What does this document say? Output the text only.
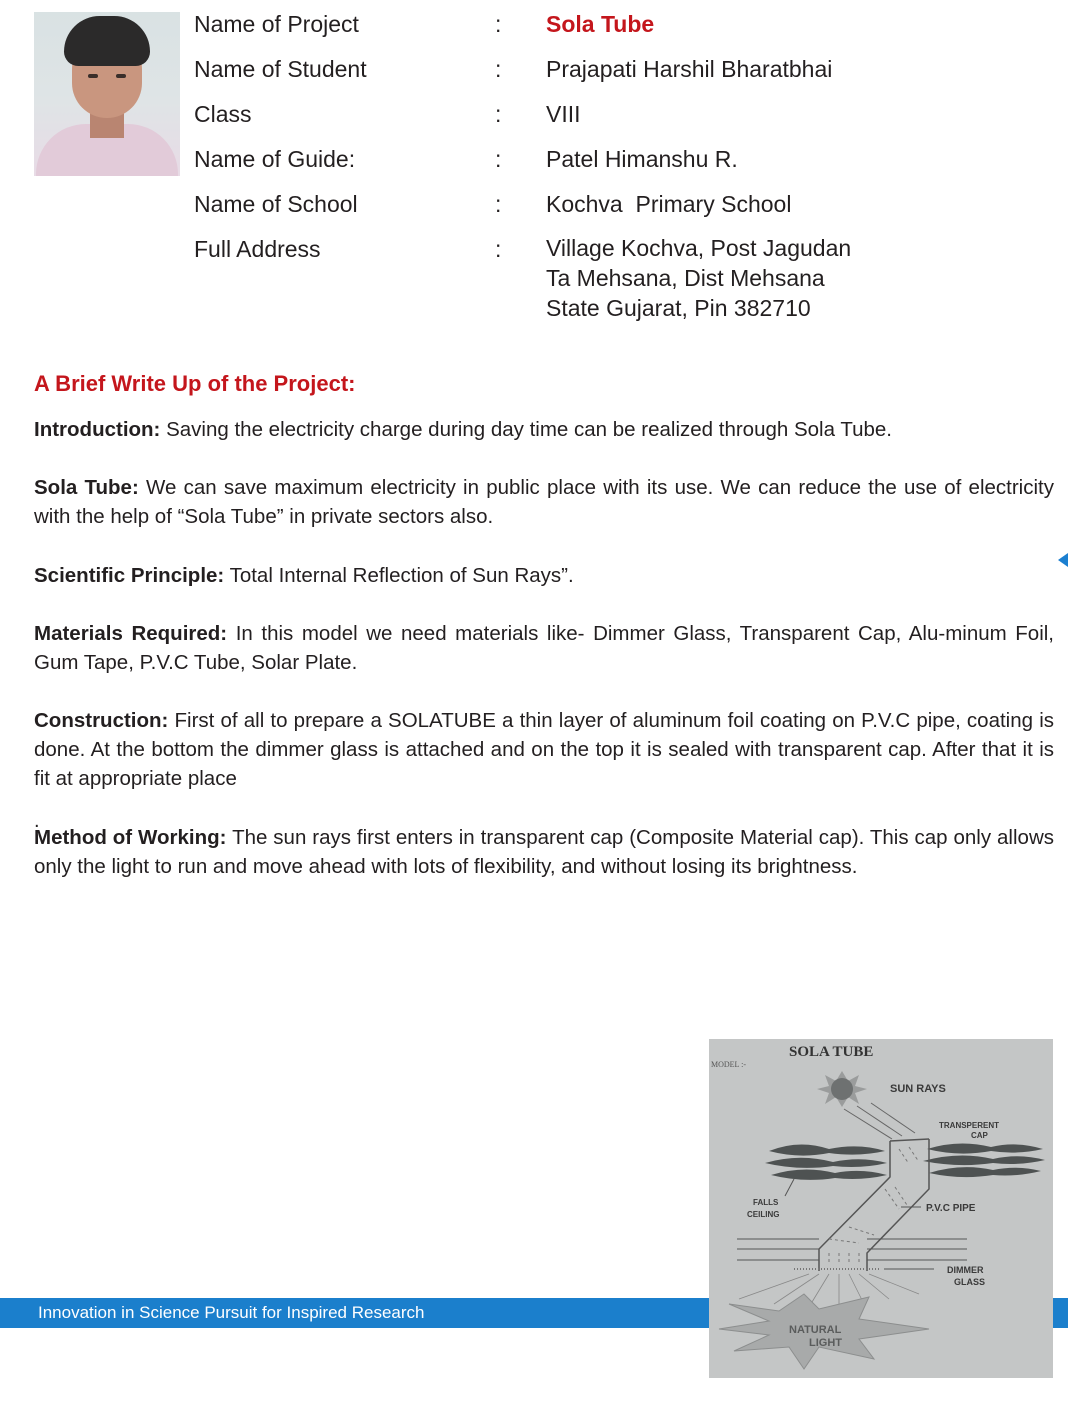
Name of Project	: Sola Tube
Name of Student	: Prajapati Harshil Bharatbhai
Class	: VIII
Name of Guide:	: Patel Himanshu R.
Name of School	: Kochva  Primary School
Full Address	: Village Kochva, Post Jagudan
Ta Mehsana, Dist Mehsana
State Gujarat, Pin 382710
A Brief Write Up of the Project:

Introduction: Saving the electricity charge during day time can be realized through Sola Tube.

Sola Tube: We can save maximum electricity in public place with its use. We can reduce the use of electricity with the help of “Sola Tube” in private sectors also.

Scientific Principle: Total Internal Reflection of Sun Rays”.

Materials Required: In this model we need materials like- Dimmer Glass, Transparent Cap, Alu-minum Foil, Gum Tape, P.V.C Tube, Solar Plate.

Construction: First of all to prepare a SOLATUBE a thin layer of aluminum foil coating on P.V.C pipe, coating is done. At the bottom the dimmer glass is attached and on the top it is sealed with transparent cap. After that it is fit at appropriate place

.

Method of Working: The sun rays first enters in transparent cap (Composite Material cap). This cap only allows only the light to run and move ahead with lots of flexibility, and without losing its brightness.

Innovation in Science Pursuit for Inspired Research
SOLA TUBE
MODEL :-
SUN RAYS
TRANSPERENT
CAP
FALLS
CEILING
P.V.C PIPE
DIMMER
GLASS
NATURAL
LIGHT
